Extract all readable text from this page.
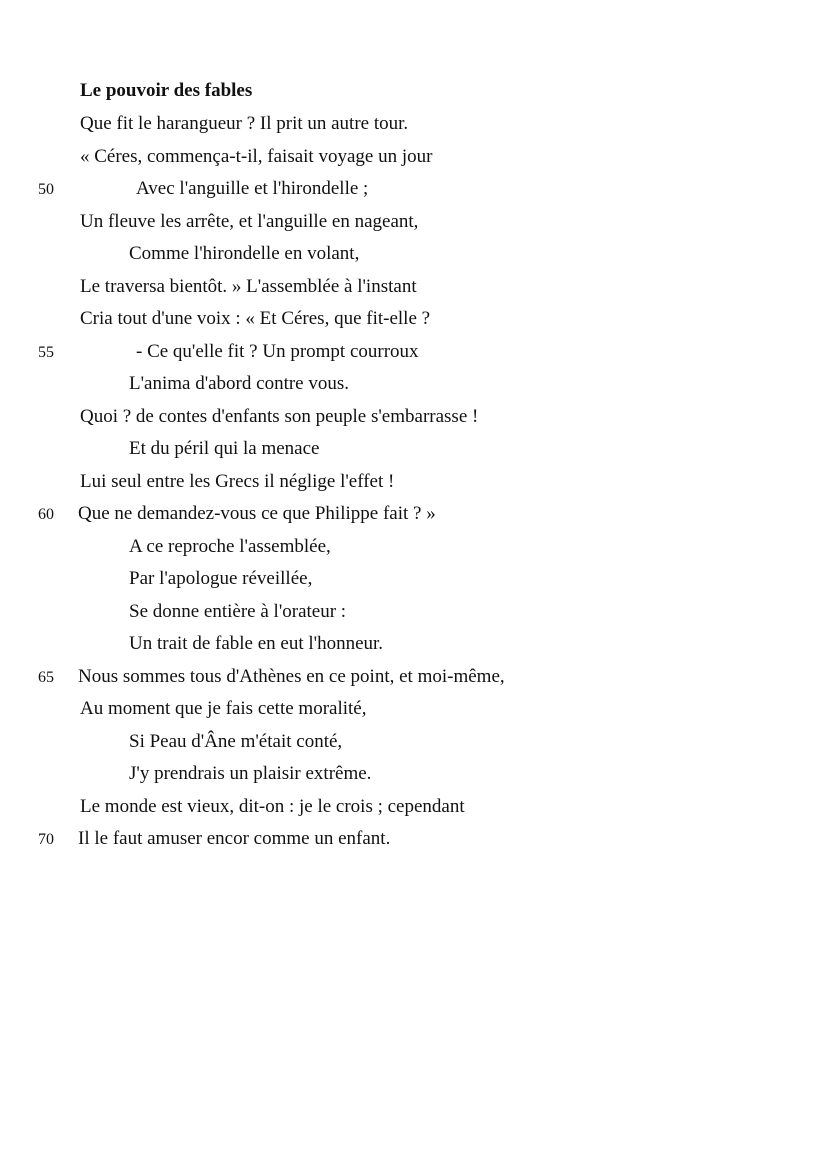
Le pouvoir des fables
Que fit le harangueur ? Il prit un autre tour.
« Céres, commença-t-il, faisait voyage un jour
50	Avec l'anguille et l'hirondelle ;
Un fleuve les arrête, et l'anguille en nageant,
Comme l'hirondelle en volant,
Le traversa bientôt. » L'assemblée à l'instant
Cria tout d'une voix : « Et Céres, que fit-elle ?
55	- Ce qu'elle fit ? Un prompt courroux
L'anima d'abord contre vous.
Quoi ? de contes d'enfants son peuple s'embarrasse !
Et du péril qui la menace
Lui seul entre les Grecs il néglige l'effet !
60 Que ne demandez-vous ce que Philippe fait ? »
A ce reproche l'assemblée,
Par l'apologue réveillée,
Se donne entière à l'orateur :
Un trait de fable en eut l'honneur.
65 Nous sommes tous d'Athènes en ce point, et moi-même,
Au moment que je fais cette moralité,
Si Peau d'Âne m'était conté,
J'y prendrais un plaisir extrême.
Le monde est vieux, dit-on : je le crois ; cependant
70 Il le faut amuser encor comme un enfant.
